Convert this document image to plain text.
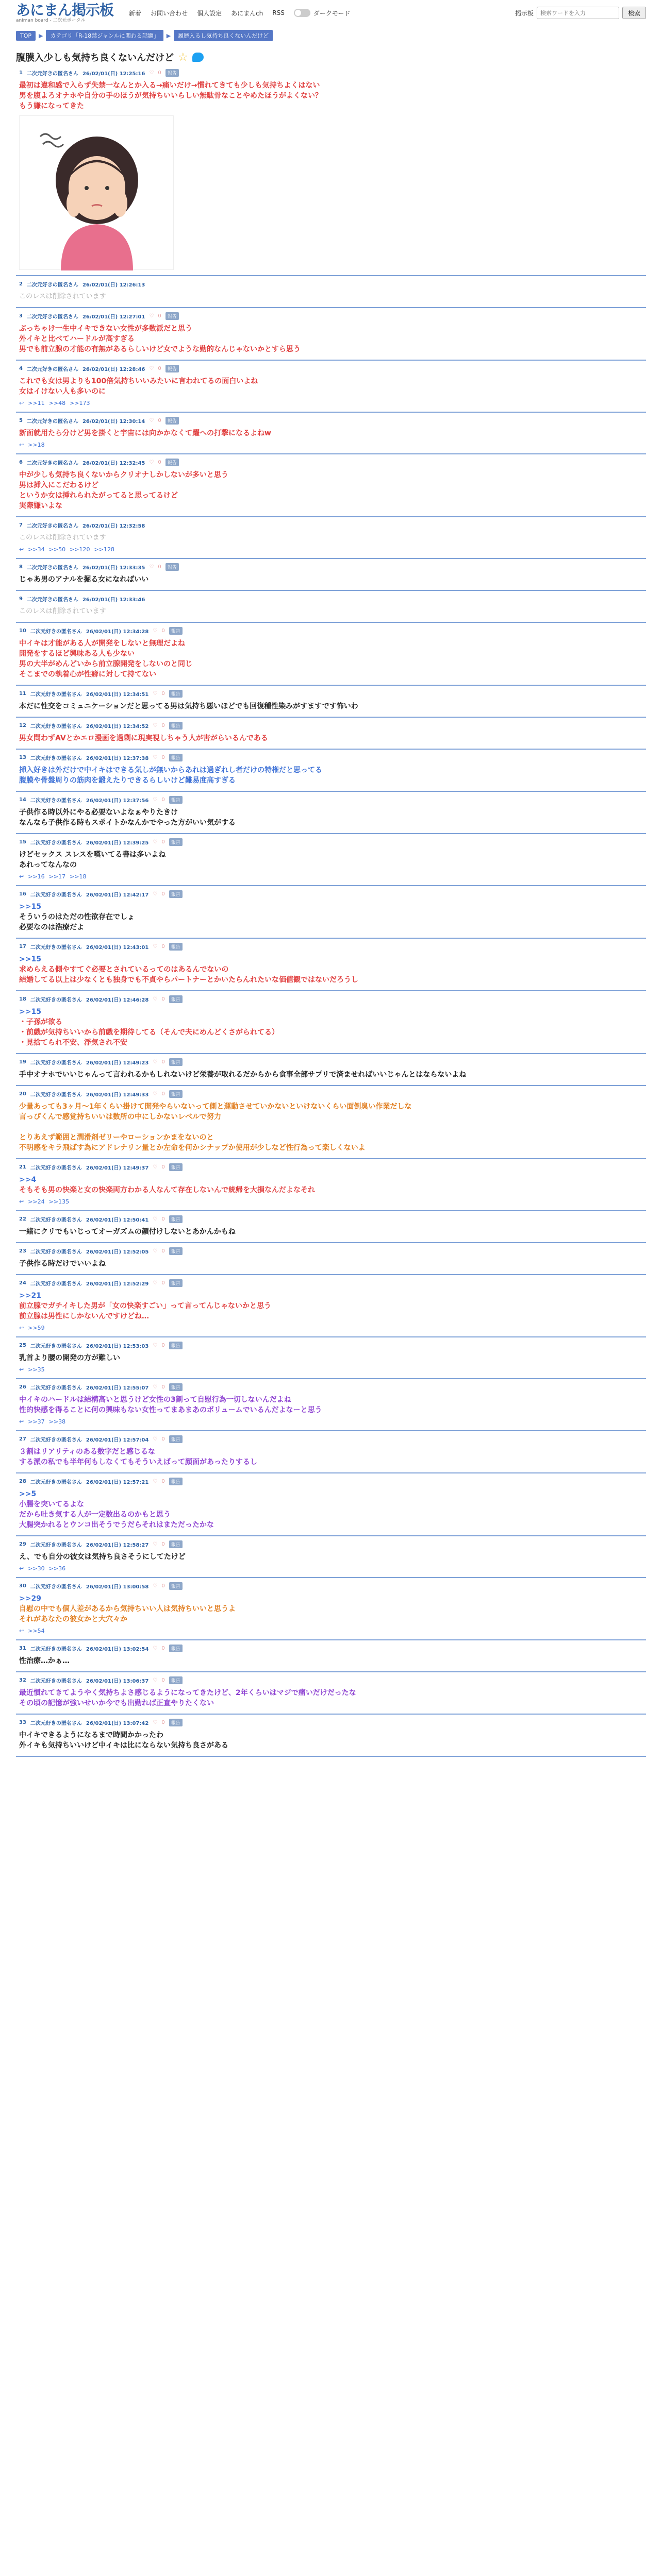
あにまん掲示板
animan board - 二次元ポータル
新着 お問い合わせ 個人設定 あにまんch RSS	ダークモード	掲示板
検索ワードを入力	検索
TOP	▶	カテゴリ「R-18禁ジャンルに関わる話題」	▶	履歴入るし気持ち良くないんだけど
腹膜入少しも気持ち良くないんだけど ☆
1 二次元好きの匿名さん 26/02/01(日) 12:25:16 ♡ 0	報告
最初は違和感で入らず失禁一なんとか入る→痛いだけ→慣れてきても少しも気持ちよくはない
男を腹よろオナホや自分の手のほうが気持ちいいらしい無駄骨なことやめたほうがよくない？
もう嫌になってきた
2 二次元好きの匿名さん 26/02/01(日) 12:26:13
このレスは削除されています
3 二次元好きの匿名さん 26/02/01(日) 12:27:01 ♡ 0	報告
ぶっちゃけ一生中イキできない女性が多数派だと思う
外イキと比べてハードルが高すぎる
男でも前立腺の才能の有無があるらしいけど女でような勤的なんじゃないかとすら思う
4 二次元好きの匿名さん 26/02/01(日) 12:28:46 ♡ 0	報告
これでも女は男よりも100倍気持ちいいみたいに言われてるの面白いよね
女はイけない人も多いのに
↩ >>11 >>48 >>173
5 二次元好きの匿名さん 26/02/01(日) 12:30:14 ♡ 0	報告
新面就用たら分けど男を掛くと宇宙には向かかなくて躍への打撃になるよねw
↩ >>18
6 二次元好きの匿名さん 26/02/01(日) 12:32:45 ♡ 0	報告
中が少しも気持ち良くないからクリオナしかしないが多いと思う
男は挿入にこだわるけど
というか女は挿れられたがってると思ってるけど
実際嫌いよな
7 二次元好きの匿名さん 26/02/01(日) 12:32:58
このレスは削除されています
↩ >>34 >>50 >>120 >>128
8 二次元好きの匿名さん 26/02/01(日) 12:33:35 ♡ 0	報告
じゃあ男のアナルを掘る女になればいい
9 二次元好きの匿名さん 26/02/01(日) 12:33:46
このレスは削除されています
10 二次元好きの匿名さん 26/02/01(日) 12:34:28 ♡ 0	報告
中イキは才能がある人が開発をしないと無理だよね
開発をするほど興味ある人も少ない
男の大半がめんどいから前立腺開発をしないのと同じ
そこまでの執着心が性癖に対して持てない
11 二次元好きの匿名さん 26/02/01(日) 12:34:51 ♡ 0	報告
本だに性交をコミュニケーションだと思ってる男は気持ち悪いほどでも回復種性染みがすますです怖いわ
12 二次元好きの匿名さん 26/02/01(日) 12:34:52 ♡ 0	報告
男女問わずAVとかエロ漫画を過剰に現実視しちゃう人が害がらいるんである
13 二次元好きの匿名さん 26/02/01(日) 12:37:38 ♡ 0	報告
挿入好きは外だけで中イキはできる気しが無いからあれは過ぎれし者だけの特権だと思ってる
腹膜や骨盤周りの筋肉を鍛えたりできるらしいけど難易度高すぎる
14 二次元好きの匿名さん 26/02/01(日) 12:37:56 ♡ 0	報告
子供作る時以外にやる必要ないよなぁやりたきけ
なんなら子供作る時もスポイトかなんかでやった方がいい気がする
15 二次元好きの匿名さん 26/02/01(日) 12:39:25 ♡ 0	報告
けどセックス スレスを嘆いてる書は多いよね
あれってなんなの
↩ >>16 >>17 >>18
16 二次元好きの匿名さん 26/02/01(日) 12:42:17 ♡ 0	報告
>>15

そういうのはただの性欲存在でしょ
必要なのは浩療だよ
17 二次元好きの匿名さん 26/02/01(日) 12:43:01 ♡ 0	報告
>>15

求めらえる側やすてぐ必要とされているってのはあるんでないの
結婚してる以上は少なくとも独身でも不貞やらパートナーとかいたらんれたいな価値観ではないだろうし
18 二次元好きの匿名さん 26/02/01(日) 12:46:28 ♡ 0	報告
>>15

・子孫が欲る
・前戯が気持ちいいから前戯を期待してる（そんで夫にめんどくさがられてる）
・見捨てられ不安、浮気され不安
19 二次元好きの匿名さん 26/02/01(日) 12:49:23 ♡ 0	報告
手中オナホでいいじゃんって言われるかもしれないけど栄養が取れるだからから食事全部サプリで済ませればいいじゃんとはならないよね
20 二次元好きの匿名さん 26/02/01(日) 12:49:33 ♡ 0	報告
少量あっても3ヶ月～1年くらい掛けて開発やらいないって側と運動させていかないといけないくらい面倒臭い作業だしな
言っぴくんで感覚持ちいいは数所の中にしかないレベルで努力
とりあえず範囲と潤滑剤ゼリーやローションかまをないのと
不明感をキラ飛ばす為にアドレナリン量とか左命を何かシナップか使用が少しなど性行為って楽しくないよ
21 二次元好きの匿名さん 26/02/01(日) 12:49:37 ♡ 0	報告
>>4

そもそも男の快楽と女の快楽両方わかる人なんて存在しないんで統帰を大損なんだよなそれ
↩ >>24 >>135
22 二次元好きの匿名さん 26/02/01(日) 12:50:41 ♡ 0	報告
一緒にクリでもいじってオーガズムの顔付けしないとあかんかもね
23 二次元好きの匿名さん 26/02/01(日) 12:52:05 ♡ 0	報告
子供作る時だけでいいよね
24 二次元好きの匿名さん 26/02/01(日) 12:52:29 ♡ 0	報告
>>21

前立腺でガチイキした男が「女の快楽すごい」って言ってんじゃないかと思う
前立腺は男性にしかないんですけどね…
↩ >>59
25 二次元好きの匿名さん 26/02/01(日) 12:53:03 ♡ 0	報告
乳首より腰の開発の方が難しい
↩ >>35
26 二次元好きの匿名さん 26/02/01(日) 12:55:07 ♡ 0	報告
中イキのハードルは結構高いと思うけど女性の3割って自慰行為一切しないんだよね
性的快感を得ることに何の興味もない女性ってまあまあのボリュームでいるんだよなーと思う
↩ >>37 >>38
27 二次元好きの匿名さん 26/02/01(日) 12:57:04 ♡ 0	報告
３割はリアリティのある数字だと感じるな
する派の私でも半年何もしなくてもそういえばって顔面があったりするし
28 二次元好きの匿名さん 26/02/01(日) 12:57:21 ♡ 0	報告
>>5

小腸を突いてるよな
だから吐き気する人が一定数出るのかもと思う
大腸突かれるとウンコ出そうでうだらそれはまただったかな
29 二次元好きの匿名さん 26/02/01(日) 12:58:27 ♡ 0	報告
え、でも自分の彼女は気持ち良さそうにしてたけど
↩ >>30 >>36
30 二次元好きの匿名さん 26/02/01(日) 13:00:58 ♡ 0	報告
>>29

自慰の中でも個人差があるから気持ちいい人は気持ちいいと思うよ
それがあなたの彼女かと大穴々か
↩ >>54
31 二次元好きの匿名さん 26/02/01(日) 13:02:54 ♡ 0	報告
性治療…かぁ…
32 二次元好きの匿名さん 26/02/01(日) 13:06:37 ♡ 0	報告
最近慣れてきてようやく気持ちよさ感じるようになってきたけど、2年くらいはマジで痛いだけだったな
その頃の記憶が強いせいか今でも出勤れば正直やりたくない
33 二次元好きの匿名さん 26/02/01(日) 13:07:42 ♡ 0	報告
中イキできるようになるまで時間かかったわ
外イキも気持ちいいけど中イキは比にならない気持ち良さがある
